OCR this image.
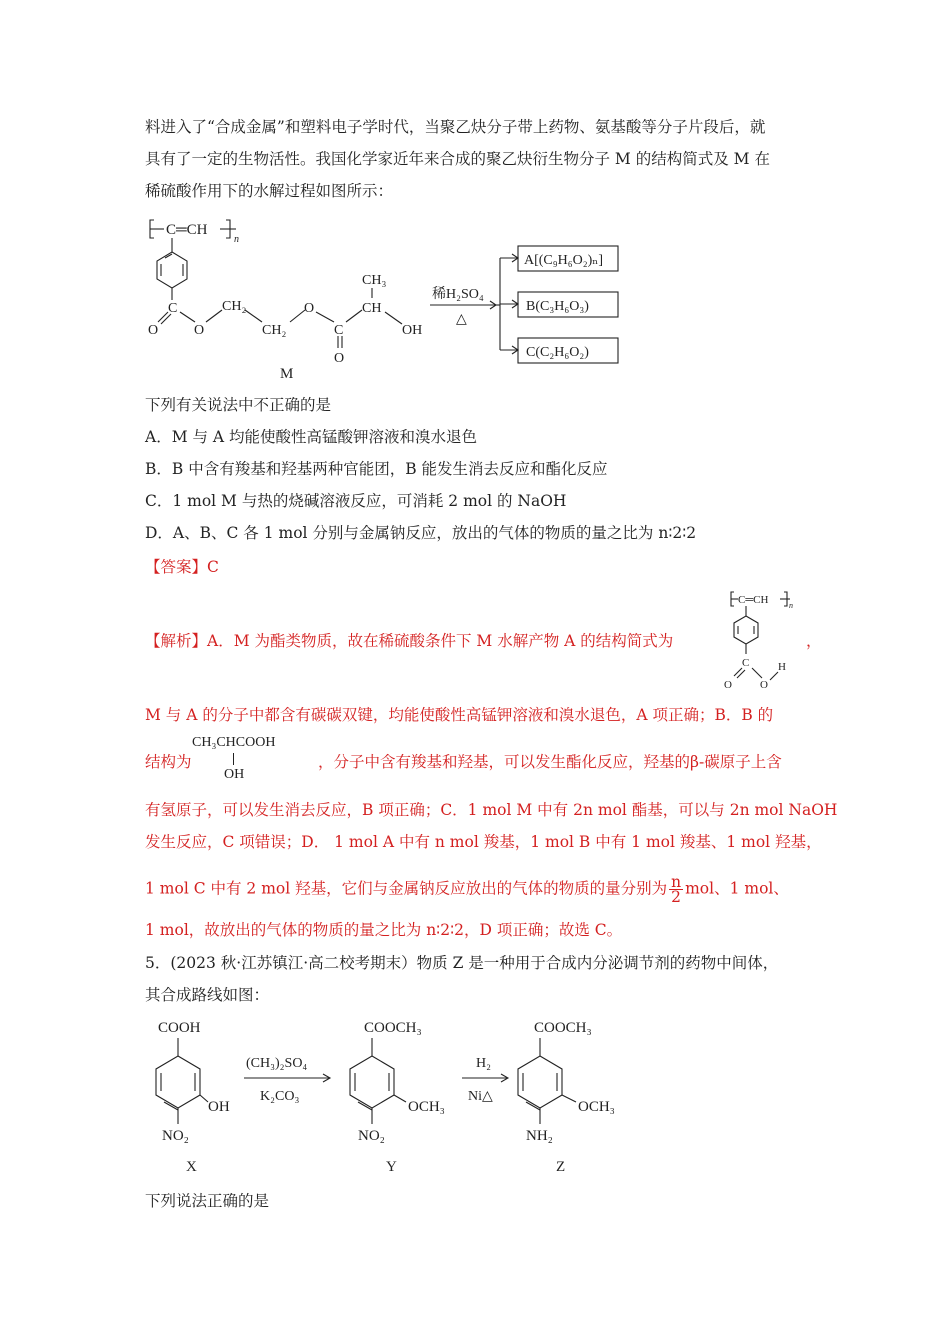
料进入了“合成金属”和塑料电子学时代，当聚乙炔分子带上药物、氨基酸等分子片段后，就
具有了一定的生物活性。我国化学家近年来合成的聚乙炔衍生物分子 M 的结构简式及 M 在
稀硫酸作用下的水解过程如图所示：
C═CH
n
C
O	O
CH₂
CH₂
O
C
O
CH
CH₃
OH
M
稀H₂SO₄
△
A[(C₉H₆O₂)ₙ]
B(C₃H₆O₃)
C(C₂H₆O₂)
下列有关说法中不正确的是
A．M 与 A 均能使酸性高锰酸钾溶液和溴水退色
B．B 中含有羧基和羟基两种官能团，B 能发生消去反应和酯化反应
C．1 mol M 与热的烧碱溶液反应，可消耗 2 mol 的 NaOH
D．A、B、C 各 1 mol 分别与金属钠反应，放出的气体的物质的量之比为 n∶2∶2
【答案】C
【解析】A．M 为酯类物质，故在稀硫酸条件下 M 水解产物 A 的结构简式为
C═CH	n
C
O	O
H
，
M 与 A 的分子中都含有碳碳双键，均能使酸性高锰钾溶液和溴水退色，A 项正确；B．B 的
结构为
CH₃CHCOOH
OH
，分子中含有羧基和羟基，可以发生酯化反应，羟基的β-碳原子上含
有氢原子，可以发生消去反应，B 项正确；C．1 mol M 中有 2n mol 酯基，可以与 2n mol NaOH
发生反应，C 项错误；D． 1 mol A 中有 n mol 羧基，1 mol B 中有 1 mol 羧基、1 mol 羟基，
1 mol C 中有 2 mol 羟基，它们与金属钠反应放出的气体的物质的量分别为 $\frac{n}{2}$ mol、1 mol、
1 mol，故放出的气体的物质的量之比为 n∶2∶2，D 项正确；故选 C。
5．(2023 秋·江苏镇江·高二校考期末）物质 Z 是一种用于合成内分泌调节剂的药物中间体，
其合成路线如图：
COOH
OH
NO₂
X
(CH₃)₂SO₄
K₂CO₃
COOCH₃
OCH₃
NO₂
Y
H₂
Ni△
COOCH₃
OCH₃
NH₂
Z
下列说法正确的是
